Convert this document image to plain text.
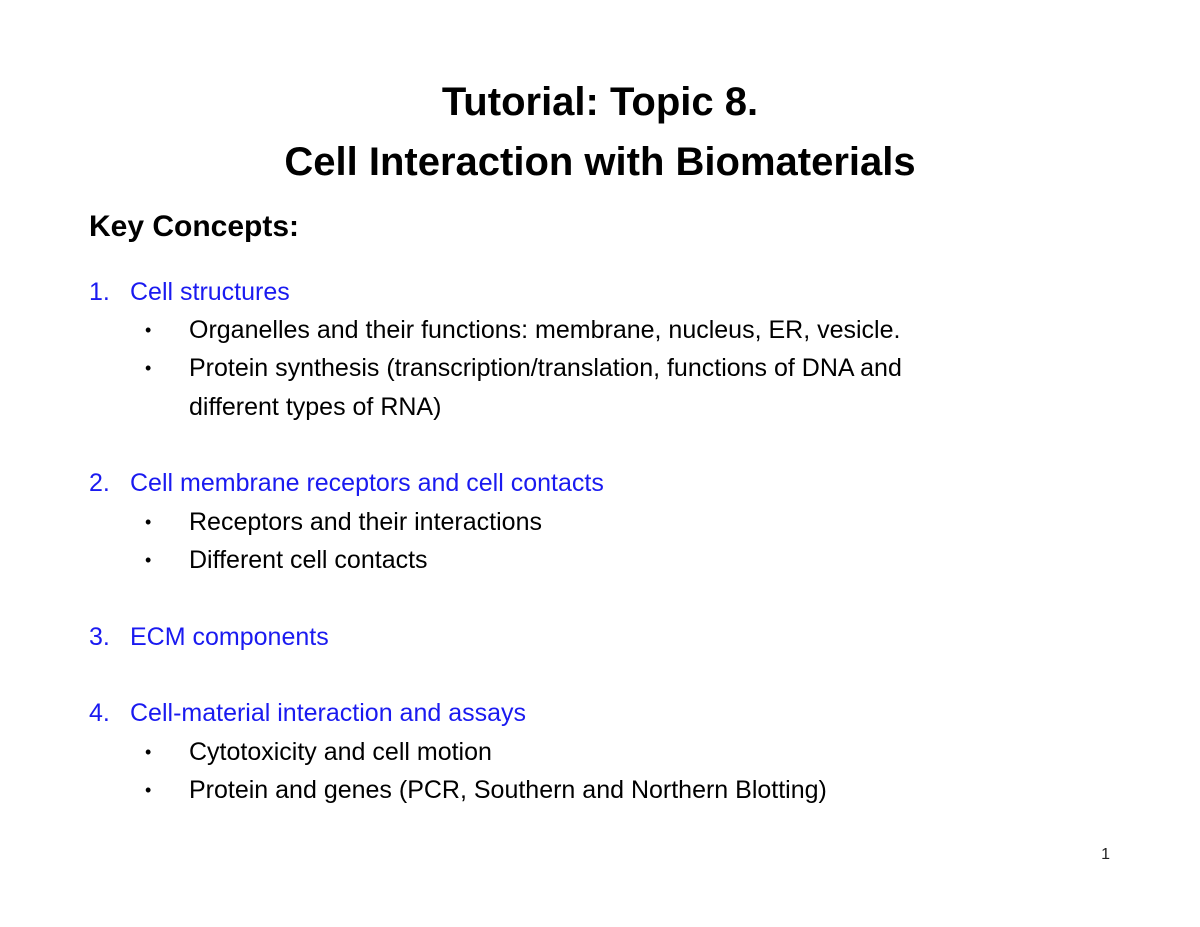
Tutorial: Topic 8.
Cell Interaction with Biomaterials
Key Concepts:
1. Cell structures
• Organelles and their functions: membrane, nucleus, ER, vesicle.
• Protein synthesis (transcription/translation, functions of DNA and
different types of RNA)
2. Cell membrane receptors and cell contacts
• Receptors and their interactions
• Different cell contacts
3. ECM components
4. Cell-material interaction and assays
• Cytotoxicity and cell motion
• Protein and genes (PCR, Southern and Northern Blotting)
1
